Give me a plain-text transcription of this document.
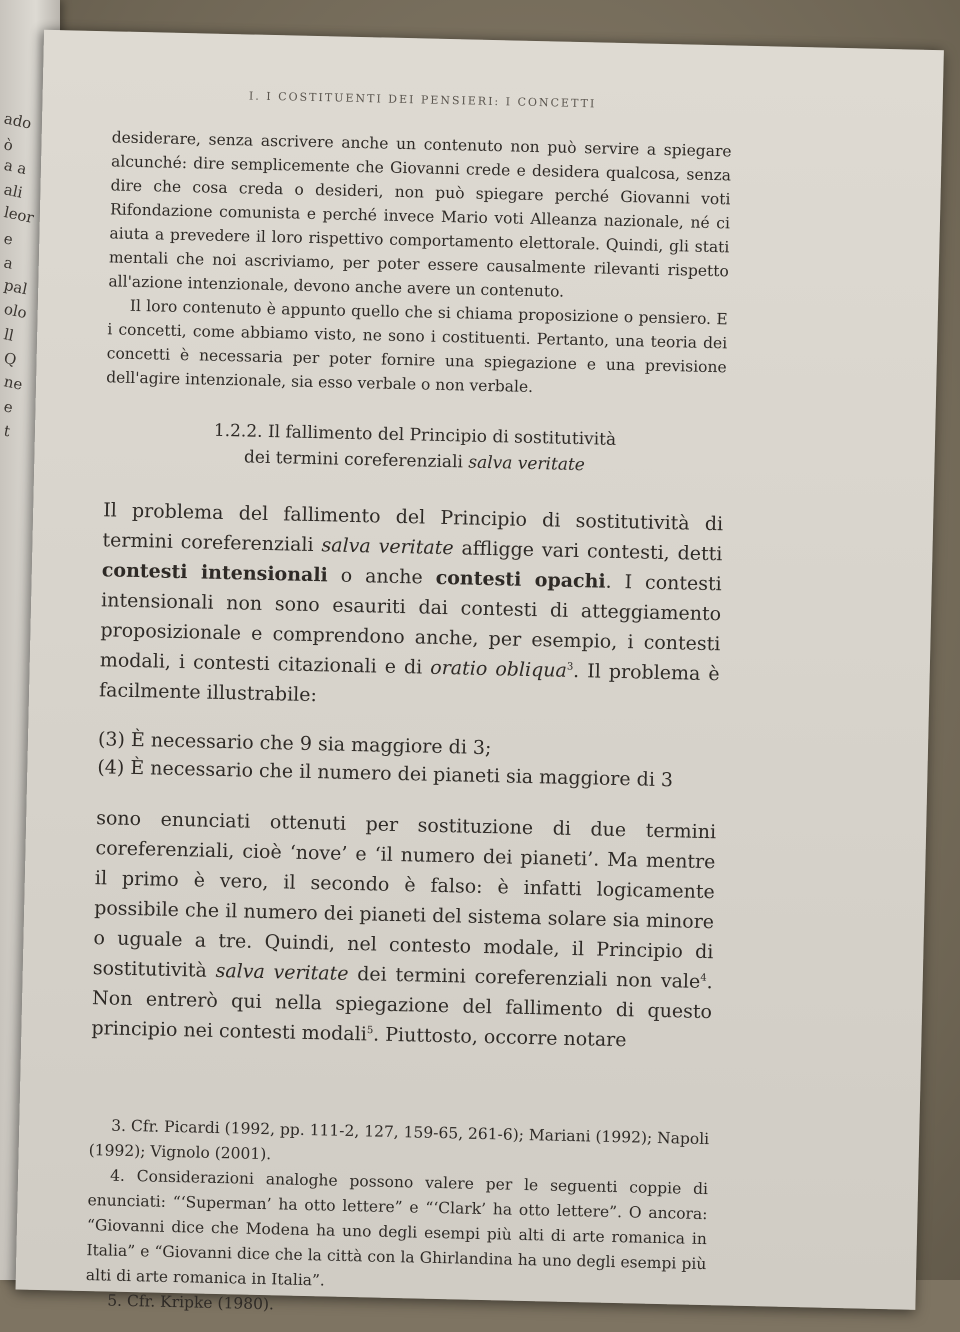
ado
ò
a a
ali
leor
e
a
pal
olo
ll
Q
ne
e
t
I. I COSTITUENTI DEI PENSIERI: I CONCETTI

desiderare, senza ascrivere anche un contenuto non può servire a spiegare alcunché: dire semplicemente che Giovanni crede e desidera qualcosa, senza dire che cosa creda o desideri, non può spiegare perché Giovanni voti Rifondazione comunista e perché invece Mario voti Alleanza nazionale, né ci aiuta a prevedere il loro rispettivo comportamento elettorale. Quindi, gli stati mentali che noi ascriviamo, per poter essere causalmente rilevanti rispetto all'azione intenzionale, devono anche avere un contenuto.

Il loro contenuto è appunto quello che si chiama proposizione o pensiero. E i concetti, come abbiamo visto, ne sono i costituenti. Pertanto, una teoria dei concetti è necessaria per poter fornire una spiegazione e una previsione dell'agire intenzionale, sia esso verbale o non verbale.

1.2.2. Il fallimento del Principio di sostitutività
dei termini coreferenziali salva veritate

Il problema del fallimento del Principio di sostitutività di termini coreferenziali salva veritate affligge vari contesti, detti contesti intensionali o anche contesti opachi. I contesti intensionali non sono esauriti dai contesti di atteggiamento proposizionale e comprendono anche, per esempio, i contesti modali, i contesti citazionali e di oratio obliqua$^3$. Il problema è facilmente illustrabile:

(3) È necessario che 9 sia maggiore di 3;
(4) È necessario che il numero dei pianeti sia maggiore di 3

sono enunciati ottenuti per sostituzione di due termini coreferenziali, cioè ‘nove’ e ‘il numero dei pianeti’. Ma mentre il primo è vero, il secondo è falso: è infatti logicamente possibile che il numero dei pianeti del sistema solare sia minore o uguale a tre. Quindi, nel contesto modale, il Principio di sostitutività salva veritate dei termini coreferenziali non vale$^4$. Non entrerò qui nella spiegazione del fallimento di questo principio nei contesti modali$^5$. Piuttosto, occorre notare

3. Cfr. Picardi (1992, pp. 111-2, 127, 159-65, 261-6); Mariani (1992); Napoli (1992); Vignolo (2001).

4. Considerazioni analoghe possono valere per le seguenti coppie di enunciati: “‘Superman’ ha otto lettere” e “‘Clark’ ha otto lettere”. O ancora: “Giovanni dice che Modena ha uno degli esempi più alti di arte romanica in Italia” e “Giovanni dice che la città con la Ghirlandina ha uno degli esempi più alti di arte romanica in Italia”.

5. Cfr. Kripke (1980).
